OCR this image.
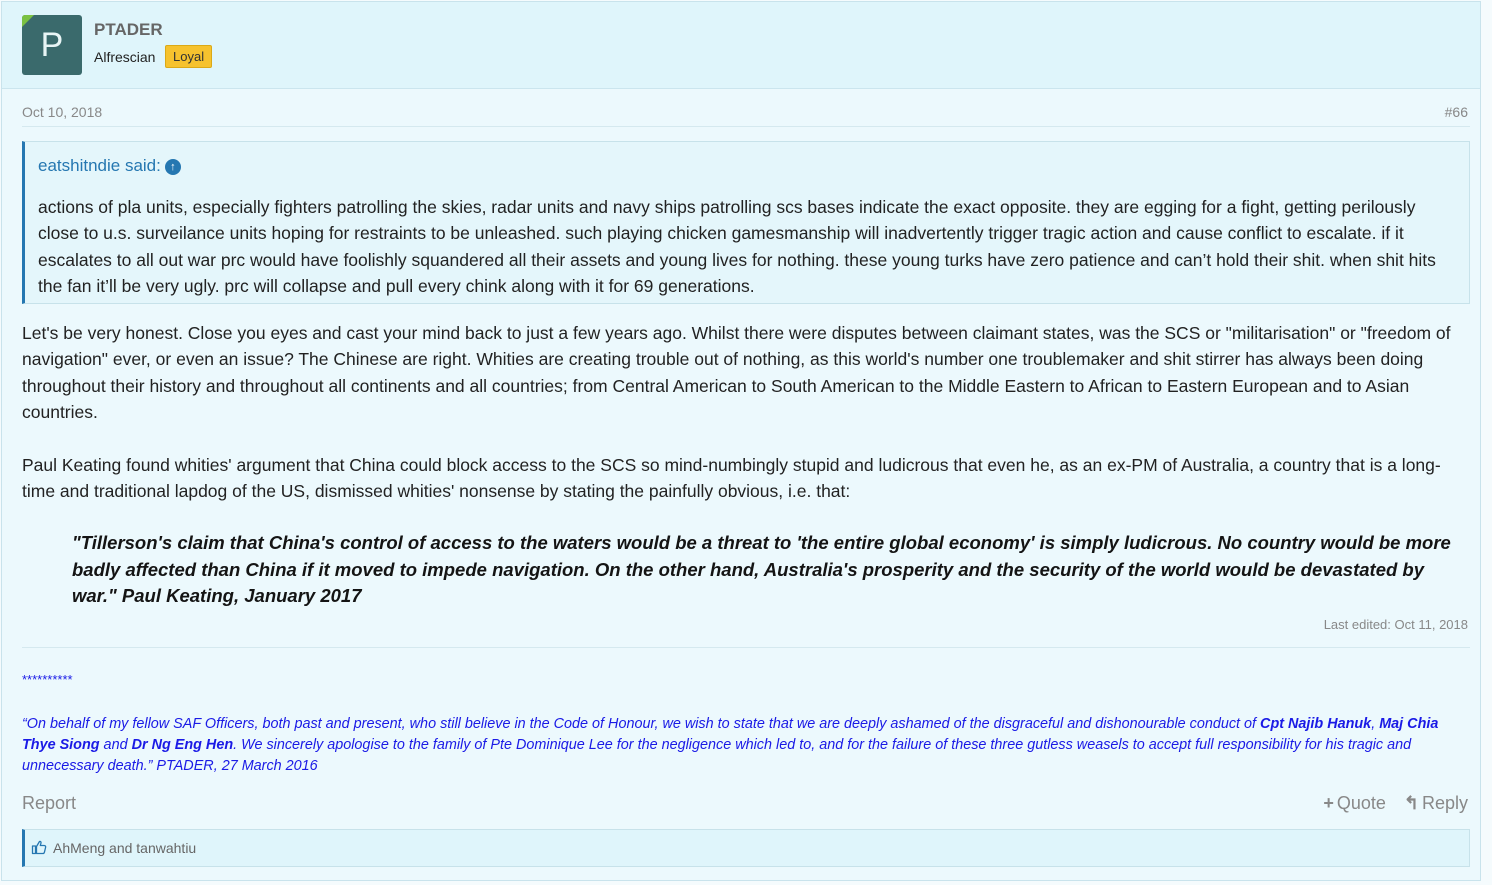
P	PTADER
Alfrescian	Loyal
Oct 10, 2018	#66
eatshitndie said: ↑
actions of pla units, especially fighters patrolling the skies, radar units and navy ships patrolling scs bases indicate the exact opposite. they are egging for a fight, getting perilously close to u.s. surveilance units hoping for restraints to be unleashed. such playing chicken gamesmanship will inadvertently trigger tragic action and cause conflict to escalate. if it escalates to all out war prc would have foolishly squandered all their assets and young lives for nothing. these young turks have zero patience and can’t hold their shit. when shit hits the fan it’ll be very ugly. prc will collapse and pull every chink along with it for 69 generations.
Let's be very honest. Close you eyes and cast your mind back to just a few years ago. Whilst there were disputes between claimant states, was the SCS or "militarisation" or "freedom of navigation" ever, or even an issue? The Chinese are right. Whities are creating trouble out of nothing, as this world's number one troublemaker and shit stirrer has always been doing throughout their history and throughout all continents and all countries; from Central American to South American to the Middle Eastern to African to Eastern European and to Asian countries.
Paul Keating found whities' argument that China could block access to the SCS so mind-numbingly stupid and ludicrous that even he, as an ex-PM of Australia, a country that is a long-time and traditional lapdog of the US, dismissed whities' nonsense by stating the painfully obvious, i.e. that:
"Tillerson's claim that China's control of access to the waters would be a threat to 'the entire global economy' is simply ludicrous. No country would be more badly affected than China if it moved to impede navigation. On the other hand, Australia's prosperity and the security of the world would be devastated by war." Paul Keating, January 2017
Last edited: Oct 11, 2018
**********
“On behalf of my fellow SAF Officers, both past and present, who still believe in the Code of Honour, we wish to state that we are deeply ashamed of the disgraceful and dishonourable conduct of Cpt Najib Hanuk, Maj Chia Thye Siong and Dr Ng Eng Hen. We sincerely apologise to the family of Pte Dominique Lee for the negligence which led to, and for the failure of these three gutless weasels to accept full responsibility for his tragic and unnecessary death.” PTADER, 27 March 2016
Report	+ Quote ↰ Reply
AhMeng and tanwahtiu
